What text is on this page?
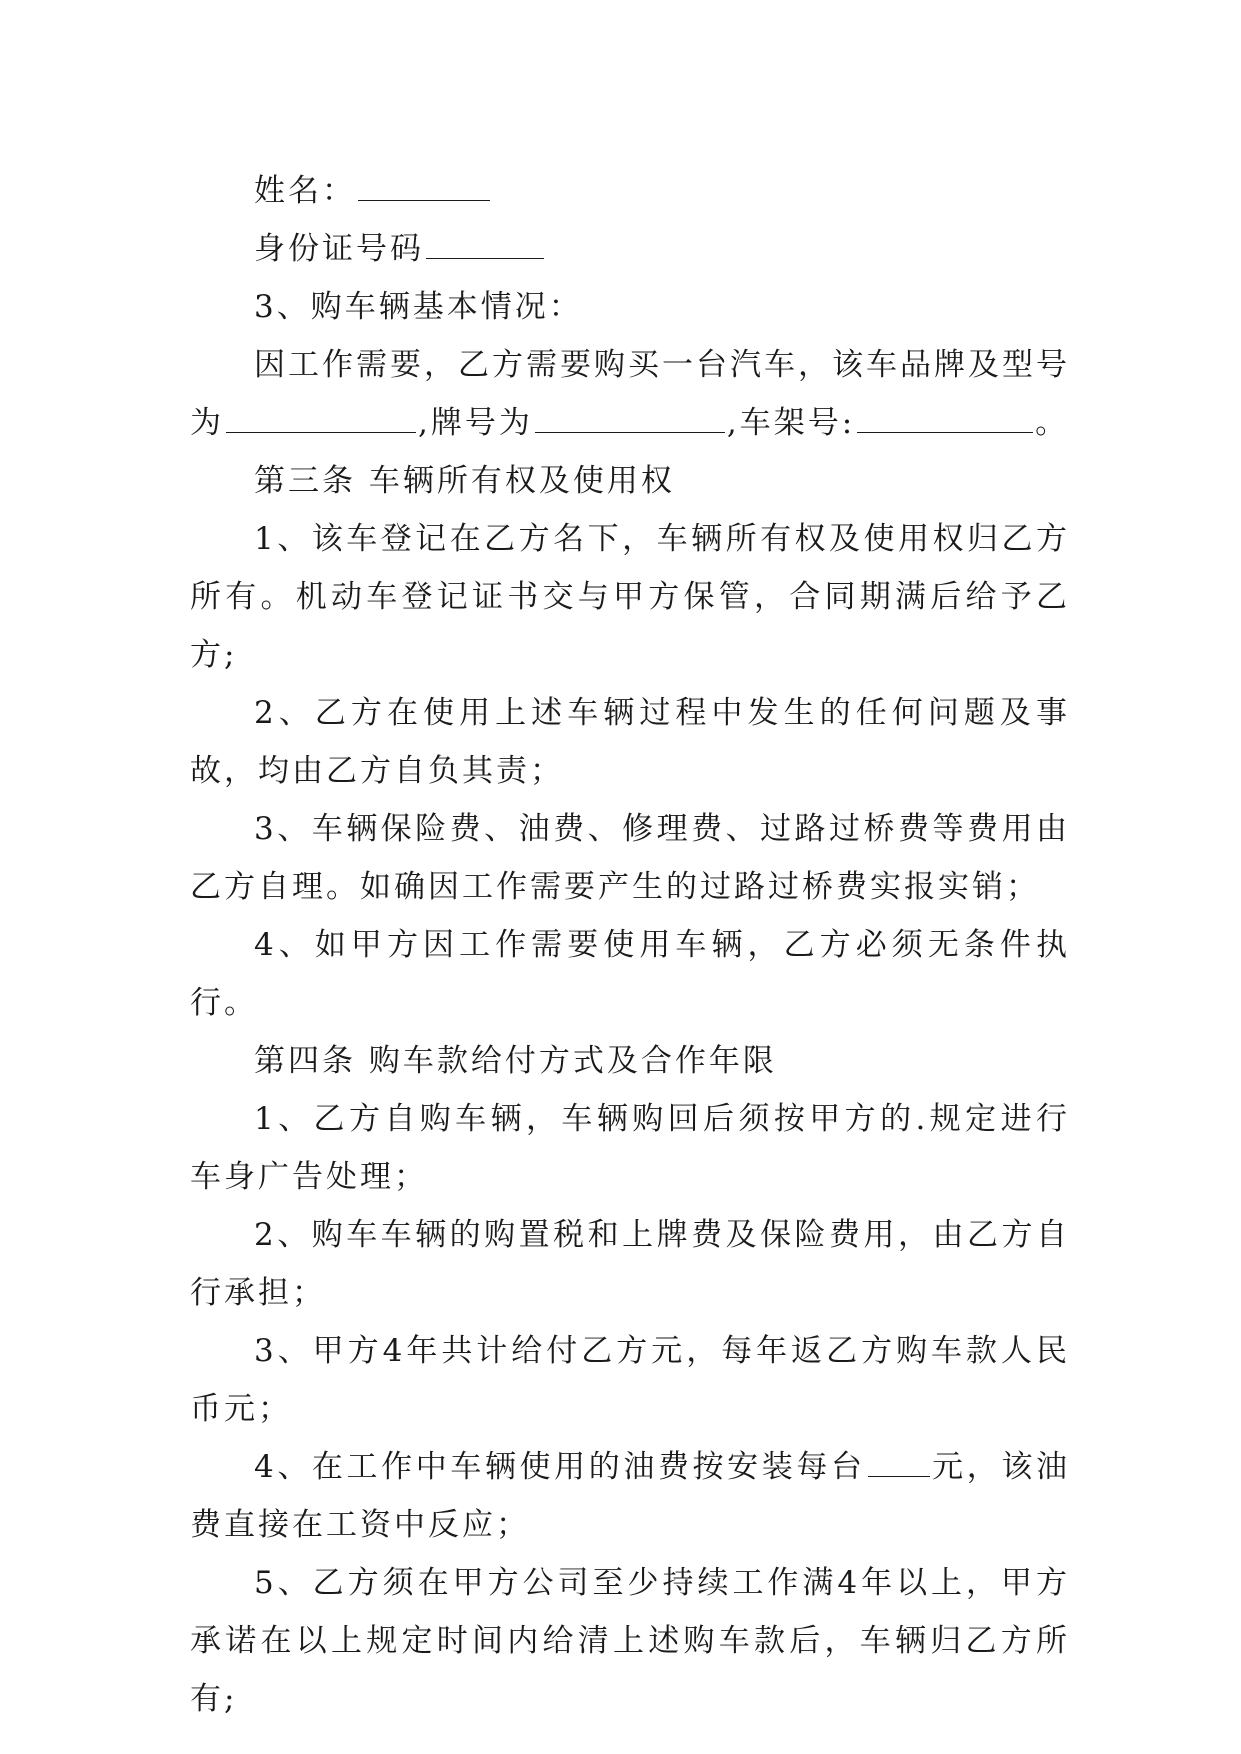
姓名：

身份证号码

3、购车辆基本情况：

因工作需要，乙方需要购买一台汽车，该车品牌及型号为	,牌号为	,车架号:	。

第三条 车辆所有权及使用权

1、该车登记在乙方名下，车辆所有权及使用权归乙方所有。机动车登记证书交与甲方保管，合同期满后给予乙方;

2、乙方在使用上述车辆过程中发生的任何问题及事故，均由乙方自负其责；

3、车辆保险费、油费、修理费、过路过桥费等费用由乙方自理。如确因工作需要产生的过路过桥费实报实销；

4、如甲方因工作需要使用车辆，乙方必须无条件执行。

第四条 购车款给付方式及合作年限

1、乙方自购车辆，车辆购回后须按甲方的.规定进行车身广告处理；

2、购车车辆的购置税和上牌费及保险费用，由乙方自行承担；

3、甲方4年共计给付乙方元，每年返乙方购车款人民币元；

4、在工作中车辆使用的油费按安装每台 元，该油费直接在工资中反应；

5、乙方须在甲方公司至少持续工作满4年以上，甲方承诺在以上规定时间内给清上述购车款后，车辆归乙方所有;
